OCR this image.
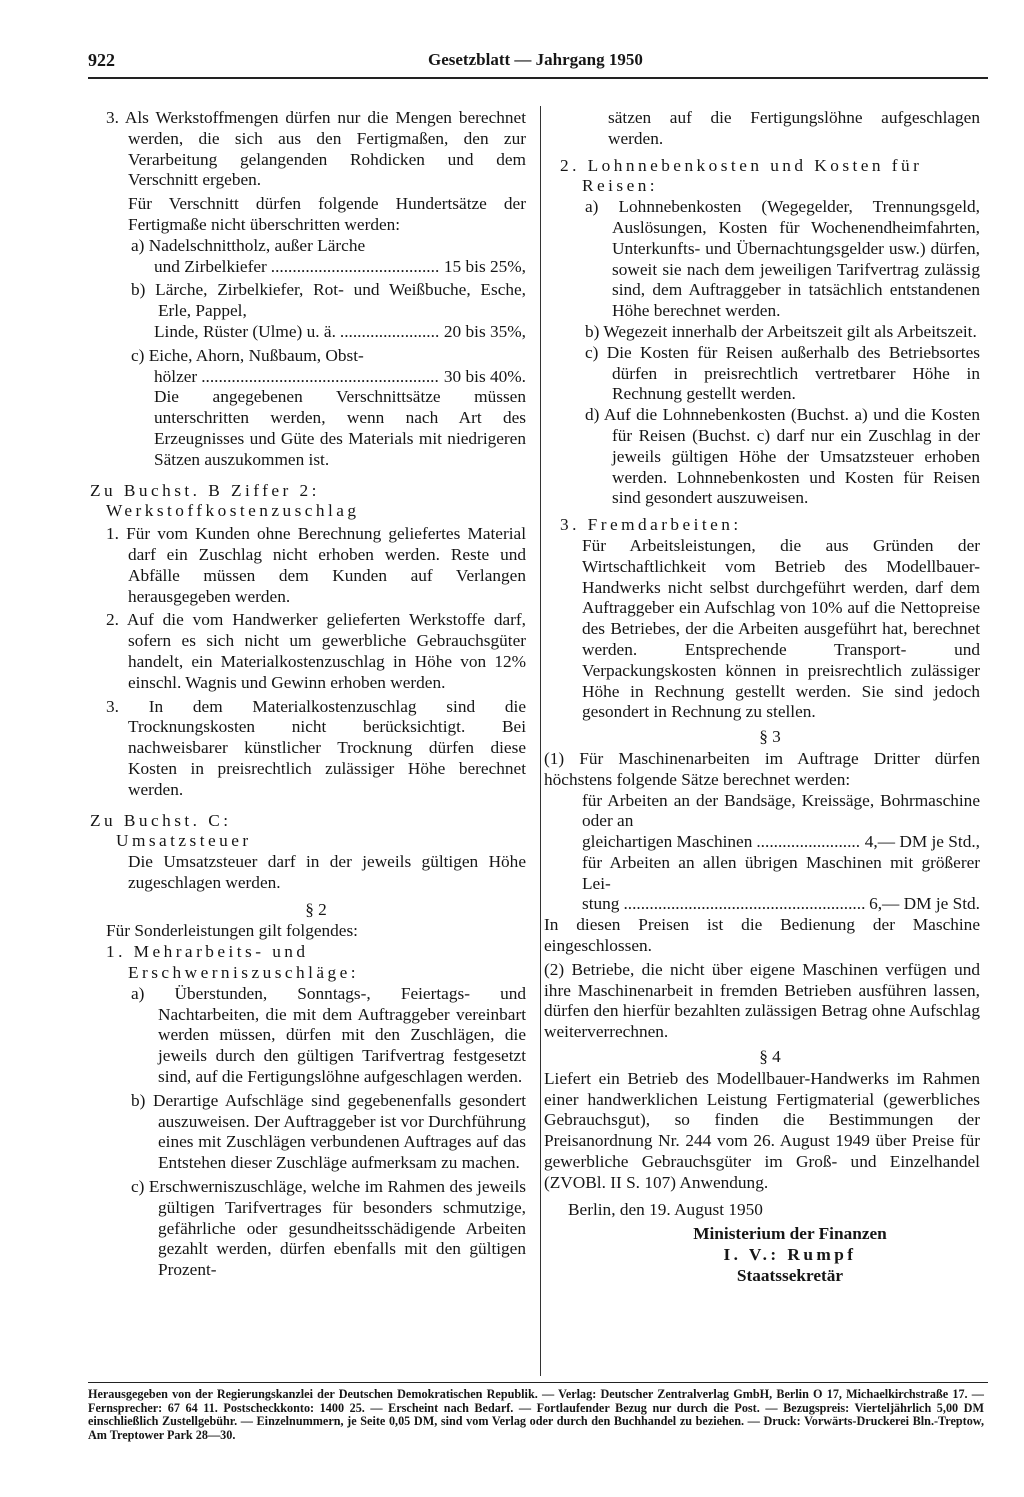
922	Gesetzblatt — Jahrgang 1950

3. Als Werkstoffmengen dürfen nur die Mengen berechnet werden, die sich aus den Fertigmaßen, den zur Verarbeitung gelangenden Rohdicken und dem Verschnitt ergeben.

Für Verschnitt dürfen folgende Hundertsätze der Fertigmaße nicht überschritten werden:

a) Nadelschnittholz, außer Lärche

und Zirbelkiefer .....	15 bis 25%,

b) Lärche, Zirbelkiefer, Rot- und Weißbuche, Esche, Erle, Pappel,

Linde, Rüster (Ulme) u. ä. .....	20 bis 35%,

c) Eiche, Ahorn, Nußbaum, Obst-

hölzer .....	30 bis 40%.

Die angegebenen Verschnittsätze müssen unterschritten werden, wenn nach Art des Erzeugnisses und Güte des Materials mit niedrigeren Sätzen auszukommen ist.

Zu Buchst. B Ziffer 2:

Werkstoffkostenzuschlag

1. Für vom Kunden ohne Berechnung geliefertes Material darf ein Zuschlag nicht erhoben werden. Reste und Abfälle müssen dem Kunden auf Verlangen herausgegeben werden.

2. Auf die vom Handwerker gelieferten Werkstoffe darf, sofern es sich nicht um gewerbliche Gebrauchsgüter handelt, ein Materialkostenzuschlag in Höhe von 12% einschl. Wagnis und Gewinn erhoben werden.

3. In dem Materialkostenzuschlag sind die Trocknungskosten nicht berücksichtigt. Bei nachweisbarer künstlicher Trocknung dürfen diese Kosten in preisrechtlich zulässiger Höhe berechnet werden.

Zu Buchst. C:

Umsatzsteuer

Die Umsatzsteuer darf in der jeweils gültigen Höhe zugeschlagen werden.

§ 2

Für Sonderleistungen gilt folgendes:

1. Mehrarbeits- und Erschwerniszuschläge:

a) Überstunden, Sonntags-, Feiertags- und Nachtarbeiten, die mit dem Auftraggeber vereinbart werden müssen, dürfen mit den Zuschlägen, die jeweils durch den gültigen Tarifvertrag festgesetzt sind, auf die Fertigungslöhne aufgeschlagen werden.

b) Derartige Aufschläge sind gegebenenfalls gesondert auszuweisen. Der Auftraggeber ist vor Durchführung eines mit Zuschlägen verbundenen Auftrages auf das Entstehen dieser Zuschläge aufmerksam zu machen.

c) Erschwerniszuschläge, welche im Rahmen des jeweils gültigen Tarifvertrages für besonders schmutzige, gefährliche oder gesundheitsschädigende Arbeiten gezahlt werden, dürfen ebenfalls mit den gültigen Prozent-

sätzen auf die Fertigungslöhne aufgeschlagen werden.

2. Lohnnebenkosten und Kosten für Reisen:

a) Lohnnebenkosten (Wegegelder, Trennungsgeld, Auslösungen, Kosten für Wochenendheimfahrten, Unterkunfts- und Übernachtungsgelder usw.) dürfen, soweit sie nach dem jeweiligen Tarifvertrag zulässig sind, dem Auftraggeber in tatsächlich entstandenen Höhe berechnet werden.

b) Wegezeit innerhalb der Arbeitszeit gilt als Arbeitszeit.

c) Die Kosten für Reisen außerhalb des Betriebsortes dürfen in preisrechtlich vertretbarer Höhe in Rechnung gestellt werden.

d) Auf die Lohnnebenkosten (Buchst. a) und die Kosten für Reisen (Buchst. c) darf nur ein Zuschlag in der jeweils gültigen Höhe der Umsatzsteuer erhoben werden. Lohnnebenkosten und Kosten für Reisen sind gesondert auszuweisen.

3. Fremdarbeiten:

Für Arbeitsleistungen, die aus Gründen der Wirtschaftlichkeit vom Betrieb des Modellbauer-Handwerks nicht selbst durchgeführt werden, darf dem Auftraggeber ein Aufschlag von 10% auf die Nettopreise des Betriebes, der die Arbeiten ausgeführt hat, berechnet werden. Entsprechende Transport- und Verpackungskosten können in preisrechtlich zulässiger Höhe in Rechnung gestellt werden. Sie sind jedoch gesondert in Rechnung zu stellen.

§ 3

(1) Für Maschinenarbeiten im Auftrage Dritter dürfen höchstens folgende Sätze berechnet werden:

für Arbeiten an der Bandsäge, Kreissäge, Bohrmaschine oder an

gleichartigen Maschinen .....	4,— DM je Std.,

für Arbeiten an allen übrigen Maschinen mit größerer Lei-

stung .....	6,— DM je Std.

In diesen Preisen ist die Bedienung der Maschine eingeschlossen.

(2) Betriebe, die nicht über eigene Maschinen verfügen und ihre Maschinenarbeit in fremden Betrieben ausführen lassen, dürfen den hierfür bezahlten zulässigen Betrag ohne Aufschlag weiterverrechnen.

§ 4

Liefert ein Betrieb des Modellbauer-Handwerks im Rahmen einer handwerklichen Leistung Fertigmaterial (gewerbliches Gebrauchsgut), so finden die Bestimmungen der Preisanordnung Nr. 244 vom 26. August 1949 über Preise für gewerbliche Gebrauchsgüter im Groß- und Einzelhandel (ZVOBl. II S. 107) Anwendung.

Berlin, den 19. August 1950

Ministerium der Finanzen

I. V.: Rumpf

Staatssekretär

Herausgegeben von der Regierungskanzlei der Deutschen Demokratischen Republik. — Verlag: Deutscher Zentralverlag GmbH, Berlin O 17, Michaelkirchstraße 17. — Fernsprecher: 67 64 11. Postscheckkonto: 1400 25. — Erscheint nach Bedarf. — Fortlaufender Bezug nur durch die Post. — Bezugspreis: Vierteljährlich 5,00 DM einschließlich Zustellgebühr. — Einzelnummern, je Seite 0,05 DM, sind vom Verlag oder durch den Buchhandel zu beziehen. — Druck: Vorwärts-Druckerei Bln.-Treptow, Am Treptower Park 28—30.
